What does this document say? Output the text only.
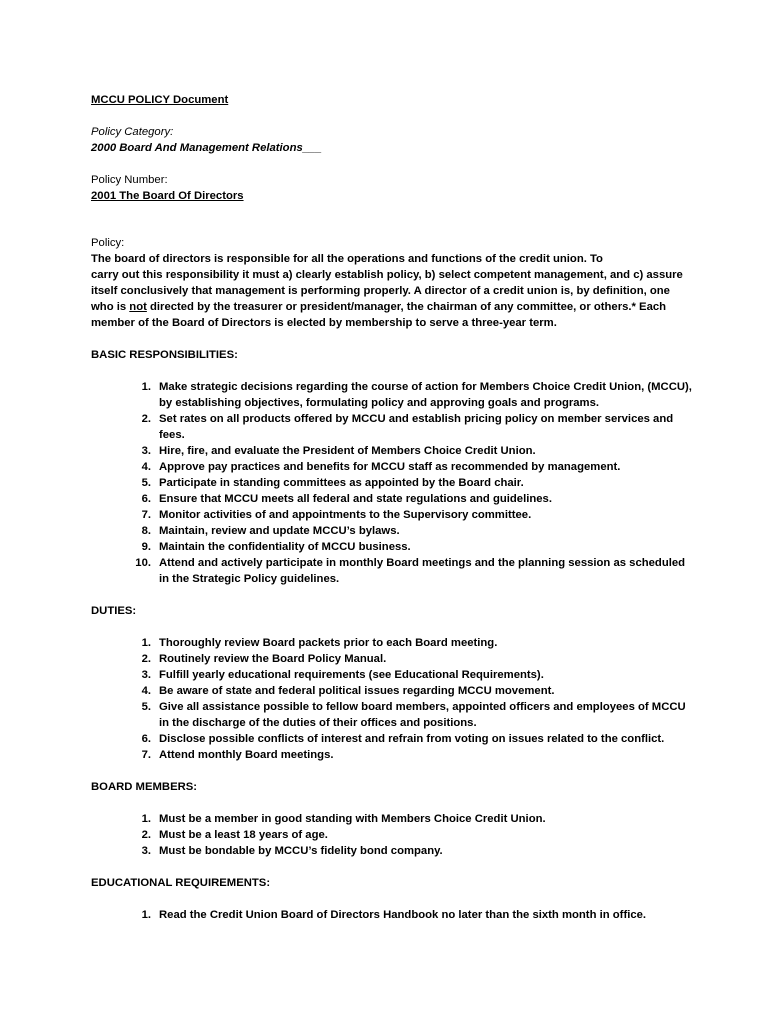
MCCU POLICY Document
Policy Category:
2000 Board And Management Relations___
Policy Number:
2001 The Board Of Directors
Policy:
The board of directors is responsible for all the operations and functions of the credit union. To
carry out this responsibility it must a) clearly establish policy, b) select competent management, and c) assure
itself conclusively that management is performing properly. A director of a credit union is, by definition, one
who is not directed by the treasurer or president/manager, the chairman of any committee, or others.* Each
member of the Board of Directors is elected by membership to serve a three-year term.
BASIC RESPONSIBILITIES:
1. Make strategic decisions regarding the course of action for Members Choice Credit Union, (MCCU),
by establishing objectives, formulating policy and approving goals and programs.
2. Set rates on all products offered by MCCU and establish pricing policy on member services and
fees.
3. Hire, fire, and evaluate the President of Members Choice Credit Union.
4. Approve pay practices and benefits for MCCU staff as recommended by management.
5. Participate in standing committees as appointed by the Board chair.
6. Ensure that MCCU meets all federal and state regulations and guidelines.
7. Monitor activities of and appointments to the Supervisory committee.
8. Maintain, review and update MCCU’s bylaws.
9. Maintain the confidentiality of MCCU business.
10. Attend and actively participate in monthly Board meetings and the planning session as scheduled
in the Strategic Policy guidelines.
DUTIES:
1. Thoroughly review Board packets prior to each Board meeting.
2. Routinely review the Board Policy Manual.
3. Fulfill yearly educational requirements (see Educational Requirements).
4. Be aware of state and federal political issues regarding MCCU movement.
5. Give all assistance possible to fellow board members, appointed officers and employees of MCCU
in the discharge of the duties of their offices and positions.
6. Disclose possible conflicts of interest and refrain from voting on issues related to the conflict.
7. Attend monthly Board meetings.
BOARD MEMBERS:
1. Must be a member in good standing with Members Choice Credit Union.
2. Must be a least 18 years of age.
3. Must be bondable by MCCU’s fidelity bond company.
EDUCATIONAL REQUIREMENTS:
1. Read the Credit Union Board of Directors Handbook no later than the sixth month in office.
